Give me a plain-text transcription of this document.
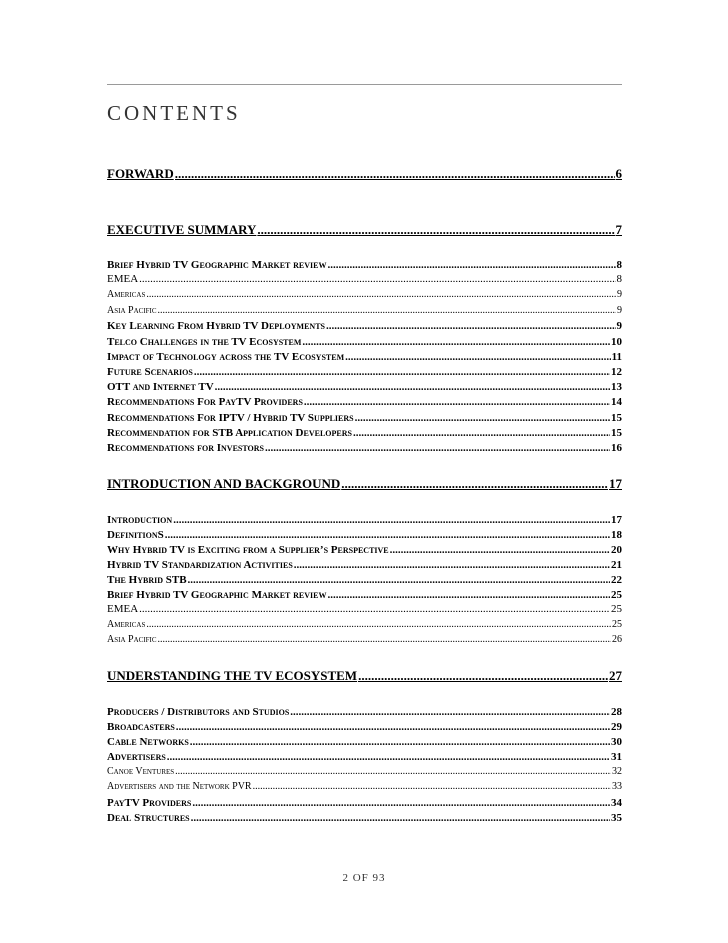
CONTENTS
FORWARD .....	6
EXECUTIVE SUMMARY .....	7
Brief Hybrid TV Geographic Market review .....	8
EMEA .....	8
Americas .....	9
Asia Pacific .....	9
Key Learning From Hybrid TV Deployments .....	9
Telco Challenges in the TV Ecosystem .....	10
Impact of Technology across the TV Ecosystem .....	11
Future Scenarios .....	12
OTT and Internet TV .....	13
Recommendations For PayTV Providers .....	14
Recommendations For IPTV / Hybrid TV Suppliers .....	15
Recommendation for STB Application Developers .....	15
Recommendations for Investors .....	16
INTRODUCTION AND BACKGROUND .....	17
Introduction .....	17
DefinitionS .....	18
Why Hybrid TV is Exciting from a Supplier’s Perspective .....	20
Hybrid TV Standardization Activities .....	21
The Hybrid STB .....	22
Brief Hybrid TV Geographic Market review .....	25
EMEA .....	25
Americas .....	25
Asia Pacific .....	26
UNDERSTANDING THE TV ECOSYSTEM .....	27
Producers / Distributors and Studios .....	28
Broadcasters .....	29
Cable Networks .....	30
Advertisers .....	31
Canoe Ventures .....	32
Advertisers and the Network PVR .....	33
PayTV Providers .....	34
Deal Structures .....	35
2 OF 93
